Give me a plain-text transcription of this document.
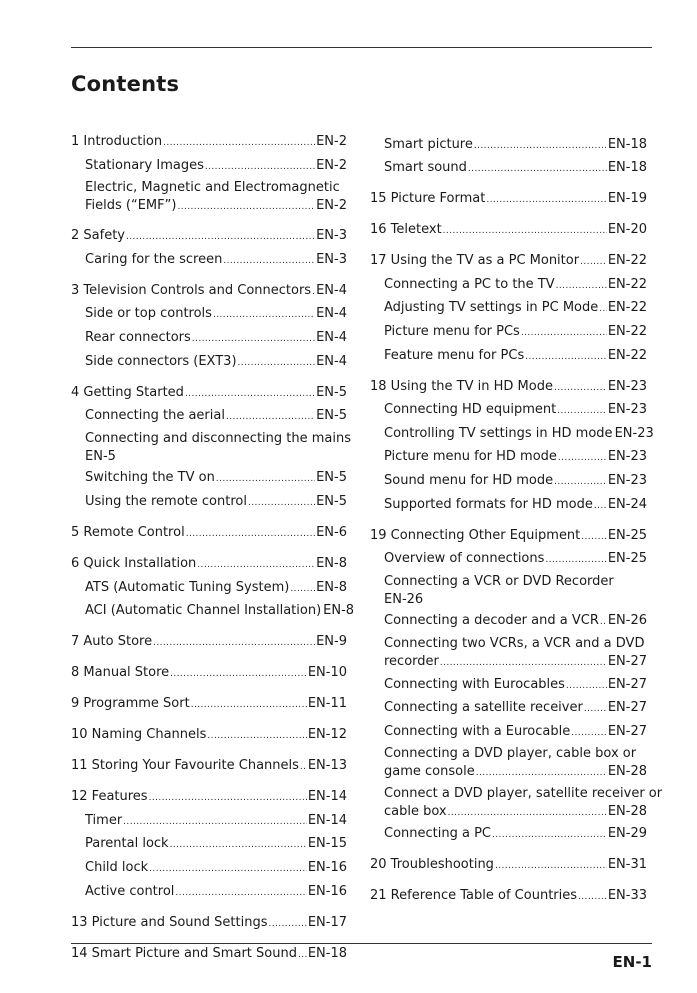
Contents
1 Introduction .....	EN-2
Stationary Images .....	EN-2
Electric, Magnetic and Electromagnetic
Fields (“EMF”) .....	EN-2
2 Safety .....	EN-3
Caring for the screen .....	EN-3
3 Television Controls and Connectors ..... EN-4
Side or top controls .....	EN-4
Rear connectors .....	EN-4
Side connectors (EXT3) .....	EN-4
4 Getting Started .....	EN-5
Connecting the aerial .....	EN-5
Connecting and disconnecting the mains
EN-5
Switching the TV on .....	EN-5
Using the remote control .....	EN-5
5 Remote Control .....	EN-6
6 Quick Installation .....	EN-8
ATS (Automatic Tuning System) ..... EN-8
ACI (Automatic Channel Installation) EN-8
7 Auto Store .....	EN-9
8 Manual Store .....	EN-10
9 Programme Sort .....	EN-11
10 Naming Channels .....	EN-12
11 Storing Your Favourite Channels ..... EN-13
12 Features .....	EN-14
Timer .....	EN-14
Parental lock .....	EN-15
Child lock .....	EN-16
Active control .....	EN-16
13 Picture and Sound Settings .....	EN-17
14 Smart Picture and Smart Sound ..... EN-18
Smart picture .....	EN-18
Smart sound .....	EN-18
15 Picture Format .....	EN-19
16 Teletext .....	EN-20
17 Using the TV as a PC Monitor ..... EN-22
Connecting a PC to the TV .....	EN-22
Adjusting TV settings in PC Mode ..... EN-22
Picture menu for PCs .....	EN-22
Feature menu for PCs .....	EN-22
18 Using the TV in HD Mode .....	EN-23
Connecting HD equipment .....	EN-23
Controlling TV settings in HD mode EN-23
Picture menu for HD mode .....	EN-23
Sound menu for HD mode .....	EN-23
Supported formats for HD mode ..... EN-24
19 Connecting Other Equipment ..... EN-25
Overview of connections .....	EN-25
Connecting a VCR or DVD Recorder
EN-26
Connecting a decoder and a VCR ..... EN-26
Connecting two VCRs, a VCR and a DVD
recorder .....	EN-27
Connecting with Eurocables .....	EN-27
Connecting a satellite receiver ..... EN-27
Connecting with a Eurocable .....	EN-27
Connecting a DVD player, cable box or
game console .....	EN-28
Connect a DVD player, satellite receiver or
cable box .....	EN-28
Connecting a PC .....	EN-29
20 Troubleshooting .....	EN-31
21 Reference Table of Countries ..... EN-33
EN-1
